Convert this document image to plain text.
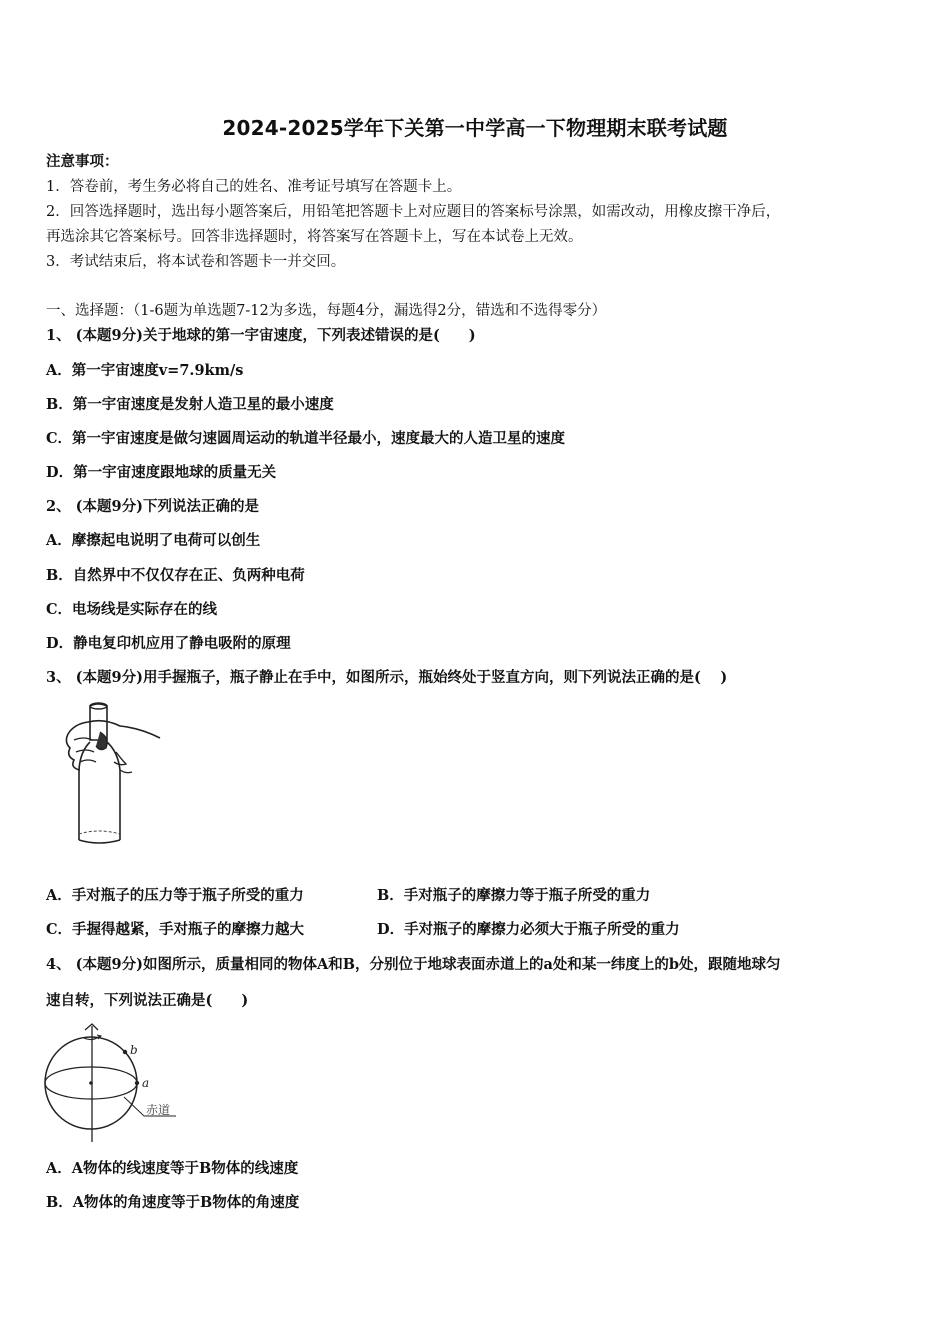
2024-2025学年下关第一中学高一下物理期末联考试题
注意事项：
1．答卷前，考生务必将自己的姓名、准考证号填写在答题卡上。
2．回答选择题时，选出每小题答案后，用铅笔把答题卡上对应题目的答案标号涂黑，如需改动，用橡皮擦干净后，
再选涂其它答案标号。回答非选择题时，将答案写在答题卡上，写在本试卷上无效。
3．考试结束后，将本试卷和答题卡一并交回。
一、选择题：（1-6题为单选题7-12为多选，每题4分，漏选得2分，错选和不选得零分）
1、 (本题9分)关于地球的第一宇宙速度，下列表述错误的是(　　)
A．第一宇宙速度v=7.9km/s
B．第一宇宙速度是发射人造卫星的最小速度
C．第一宇宙速度是做匀速圆周运动的轨道半径最小，速度最大的人造卫星的速度
D．第一宇宙速度跟地球的质量无关
2、 (本题9分)下列说法正确的是
A．摩擦起电说明了电荷可以创生
B．自然界中不仅仅存在正、负两种电荷
C．电场线是实际存在的线
D．静电复印机应用了静电吸附的原理
3、 (本题9分)用手握瓶子，瓶子静止在手中，如图所示，瓶始终处于竖直方向，则下列说法正确的是(　 )
A．手对瓶子的压力等于瓶子所受的重力	B．手对瓶子的摩擦力等于瓶子所受的重力
C．手握得越紧，手对瓶子的摩擦力越大	D．手对瓶子的摩擦力必须大于瓶子所受的重力
4、 (本题9分)如图所示，质量相同的物体A和B，分别位于地球表面赤道上的a处和某一纬度上的b处，跟随地球匀
速自转，下列说法正确是(　　)
b
a
赤道
A．A物体的线速度等于B物体的线速度
B．A物体的角速度等于B物体的角速度
